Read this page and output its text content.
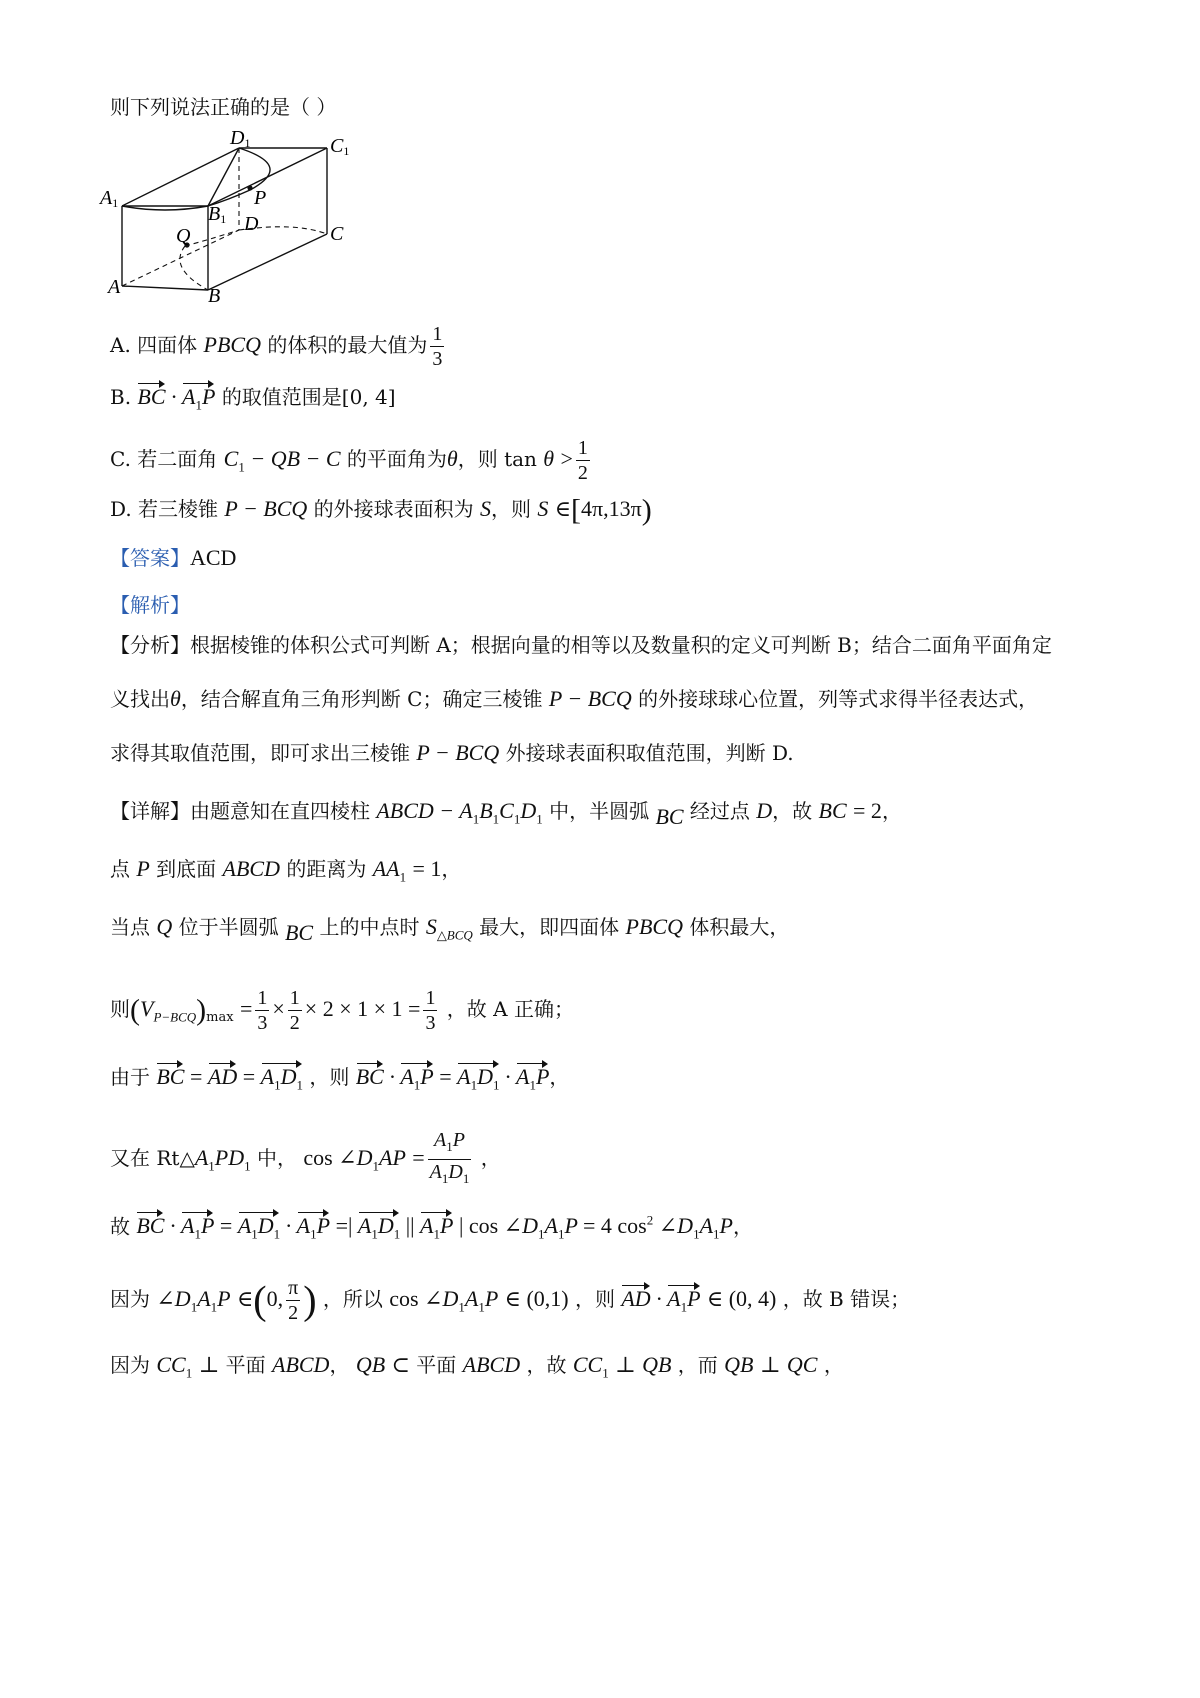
则下列说法正确的是（ ）
D1	C1
A1	B1
P
D
Q	C
A	B
A. 四面体 PBCQ 的体积的最大值为 $\frac{1}{3}$
B. BC · $A_1P$ 的取值范围是[0, 4]
C. 若二面角 $C_1$ − QB − C 的平面角为θ，则 $\tan \theta > \frac{1}{2}$
D. 若三棱锥 P − BCQ 的外接球表面积为 S，则 S ∈[4π,13π)
【答案】ACD
【解析】
【分析】根据棱锥的体积公式可判断 A；根据向量的相等以及数量积的定义可判断 B；结合二面角平面角定
义找出θ，结合解直角三角形判断 C；确定三棱锥 P − BCQ 的外接球球心位置，列等式求得半径表达式，
求得其取值范围，即可求出三棱锥 P − BCQ 外接球表面积取值范围，判断 D.
【详解】由题意知在直四棱柱 ABCD − $A_1B_1C_1D_1$ 中，半圆弧 BC 经过点 D，故 BC = 2，
点 P 到底面 ABCD 的距离为 $AA_1 = 1$，
当点 Q 位于半圆弧 BC 上的中点时 $S_{\triangle BCQ}$ 最大，即四面体 PBCQ 体积最大，
则$(V_{P-BCQ})_{max} = \frac{1}{3} \times \frac{1}{2} \times 2 \times 1 \times 1 = \frac{1}{3}$ ，故 A 正确；
由于 BC = AD = $A_1D_1$ ，则 BC · $A_1P = A_1D_1 \cdot A_1P$，
又在 $Rt\triangle A_1PD_1$ 中， $\cos \angle D_1AP = \frac{A_1P}{A_1D_1}$ ，
故 BC · $A_1P = A_1D_1 \cdot A_1P$ =| $A_1D_1$ || $A_1P$ | $\cos \angle D_1A_1P = 4$ $\cos^2$ $\angle D_1A_1P$，
因为 $\angle D_1A_1P$ ∈(0, $\frac{\pi}{2}$ ) ，所以 $\cos \angle D_1A_1P$ ∈ (0,1) ，则 AD · $A_1P$ ∈ (0, 4) ，故 B 错误；
因为 $CC_1$ ⊥ 平面 ABCD， QB ⊂ 平面 ABCD ，故 $CC_1$ ⊥ QB ，而 QB ⊥ QC ，
